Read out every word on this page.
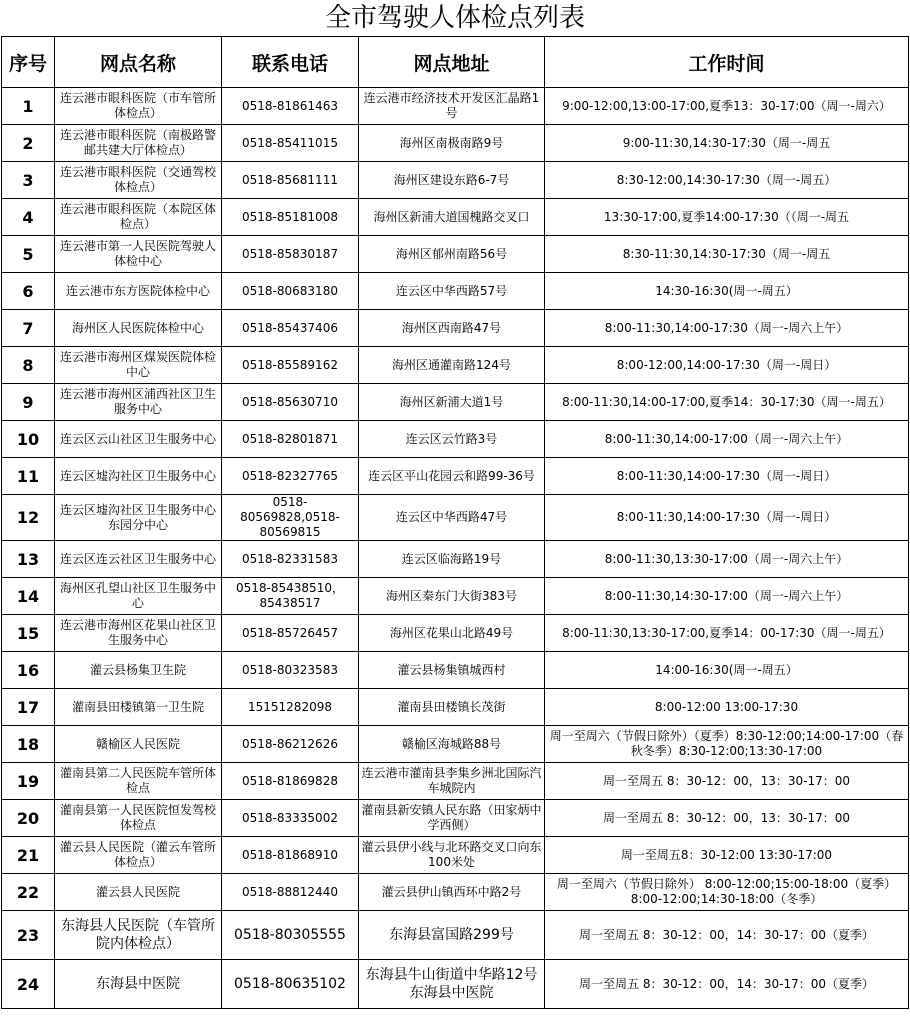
全市驾驶人体检点列表
序号	网点名称	联系电话	网点地址	工作时间
1	连云港市眼科医院（市车管所体检点）	0518-81861463	连云港市经济技术开发区汇晶路1号	9:00-12:00,13:00-17:00,夏季13：30-17:00（周一-周六）
2	连云港市眼科医院（南极路警邮共建大厅体检点）	0518-85411015	海州区南极南路9号	9:00-11:30,14:30-17:30（周一-周五
3	连云港市眼科医院（交通驾校体检点）	0518-85681111	海州区建设东路6-7号	8:30-12:00,14:30-17:30（周一-周五）
4	连云港市眼科医院（本院区体检点）	0518-85181008	海州区新浦大道国槐路交叉口	13:30-17:00,夏季14:00-17:30（（周一-周五
5	连云港市第一人民医院驾驶人体检中心	0518-85830187	海州区郁州南路56号	8:30-11:30,14:30-17:30（周一-周五
6	连云港市东方医院体检中心	0518-80683180	连云区中华西路57号	14:30-16:30(周一-周五）
7	海州区人民医院体检中心	0518-85437406	海州区西南路47号	8:00-11:30,14:00-17:30（周一-周六上午）
8	连云港市海州区煤炭医院体检中心	0518-85589162	海州区通灌南路124号	8:00-12:00,14:00-17:30（周一-周日）
9	连云港市海州区浦西社区卫生服务中心	0518-85630710	海州区新浦大道1号	8:00-11:30,14:00-17:00,夏季14：30-17:30（周一-周五）
10	连云区云山社区卫生服务中心	0518-82801871	连云区云竹路3号	8:00-11:30,14:00-17:00（周一-周六上午）
11	连云区墟沟社区卫生服务中心	0518-82327765	连云区平山花园云和路99-36号	8:00-11:30,14:00-17:30（周一-周日）
12	连云区墟沟社区卫生服务中心东园分中心	0518-80569828,0518-80569815	连云区中华西路47号	8:00-11:30,14:00-17:30（周一-周日）
13	连云区连云社区卫生服务中心	0518-82331583	连云区临海路19号	8:00-11:30,13:30-17:00（周一-周六上午）
14	海州区孔望山社区卫生服务中心	0518-85438510，85438517	海州区秦东门大街383号	8:00-11:30,14:30-17:00（周一-周六上午）
15	连云港市海州区花果山社区卫生服务中心	0518-85726457	海州区花果山北路49号	8:00-11:30,13:30-17:00,夏季14：00-17:30（周一-周五）
16	灌云县杨集卫生院	0518-80323583	灌云县杨集镇城西村	14:00-16:30(周一-周五）
17	灌南县田楼镇第一卫生院	15151282098	灌南县田楼镇长茂街	8:00-12:00 13:00-17:30
18	赣榆区人民医院	0518-86212626	赣榆区海城路88号	周一至周六（节假日除外）（夏季）8:30-12:00;14:00-17:00（春秋冬季）8:30-12:00;13:30-17:00
19	灌南县第二人民医院车管所体检点	0518-81869828	连云港市灌南县李集乡洲北国际汽车城院内	周一至周五 8：30-12：00，13：30-17：00
20	灌南县第一人民医院恒发驾校体检点	0518-83335002	灌南县新安镇人民东路（田家炳中学西侧）	周一至周五 8：30-12：00，13：30-17：00
21	灌云县人民医院（灌云车管所体检点）	0518-81868910	灌云县伊小线与北环路交叉口向东100米处	周一至周五8：30-12:00 13:30-17:00
22	灌云县人民医院	0518-88812440	灌云县伊山镇西环中路2号	周一至周六（节假日除外） 8:00-12:00;15:00-18:00（夏季）8:00-12:00;14:30-18:00（冬季）
23	东海县人民医院（车管所院内体检点）	0518-80305555	东海县富国路299号	周一至周五 8：30-12：00，14：30-17：00（夏季）
24	东海县中医院	0518-80635102	东海县牛山街道中华路12号东海县中医院	周一至周五 8：30-12：00，14：30-17：00（夏季）
